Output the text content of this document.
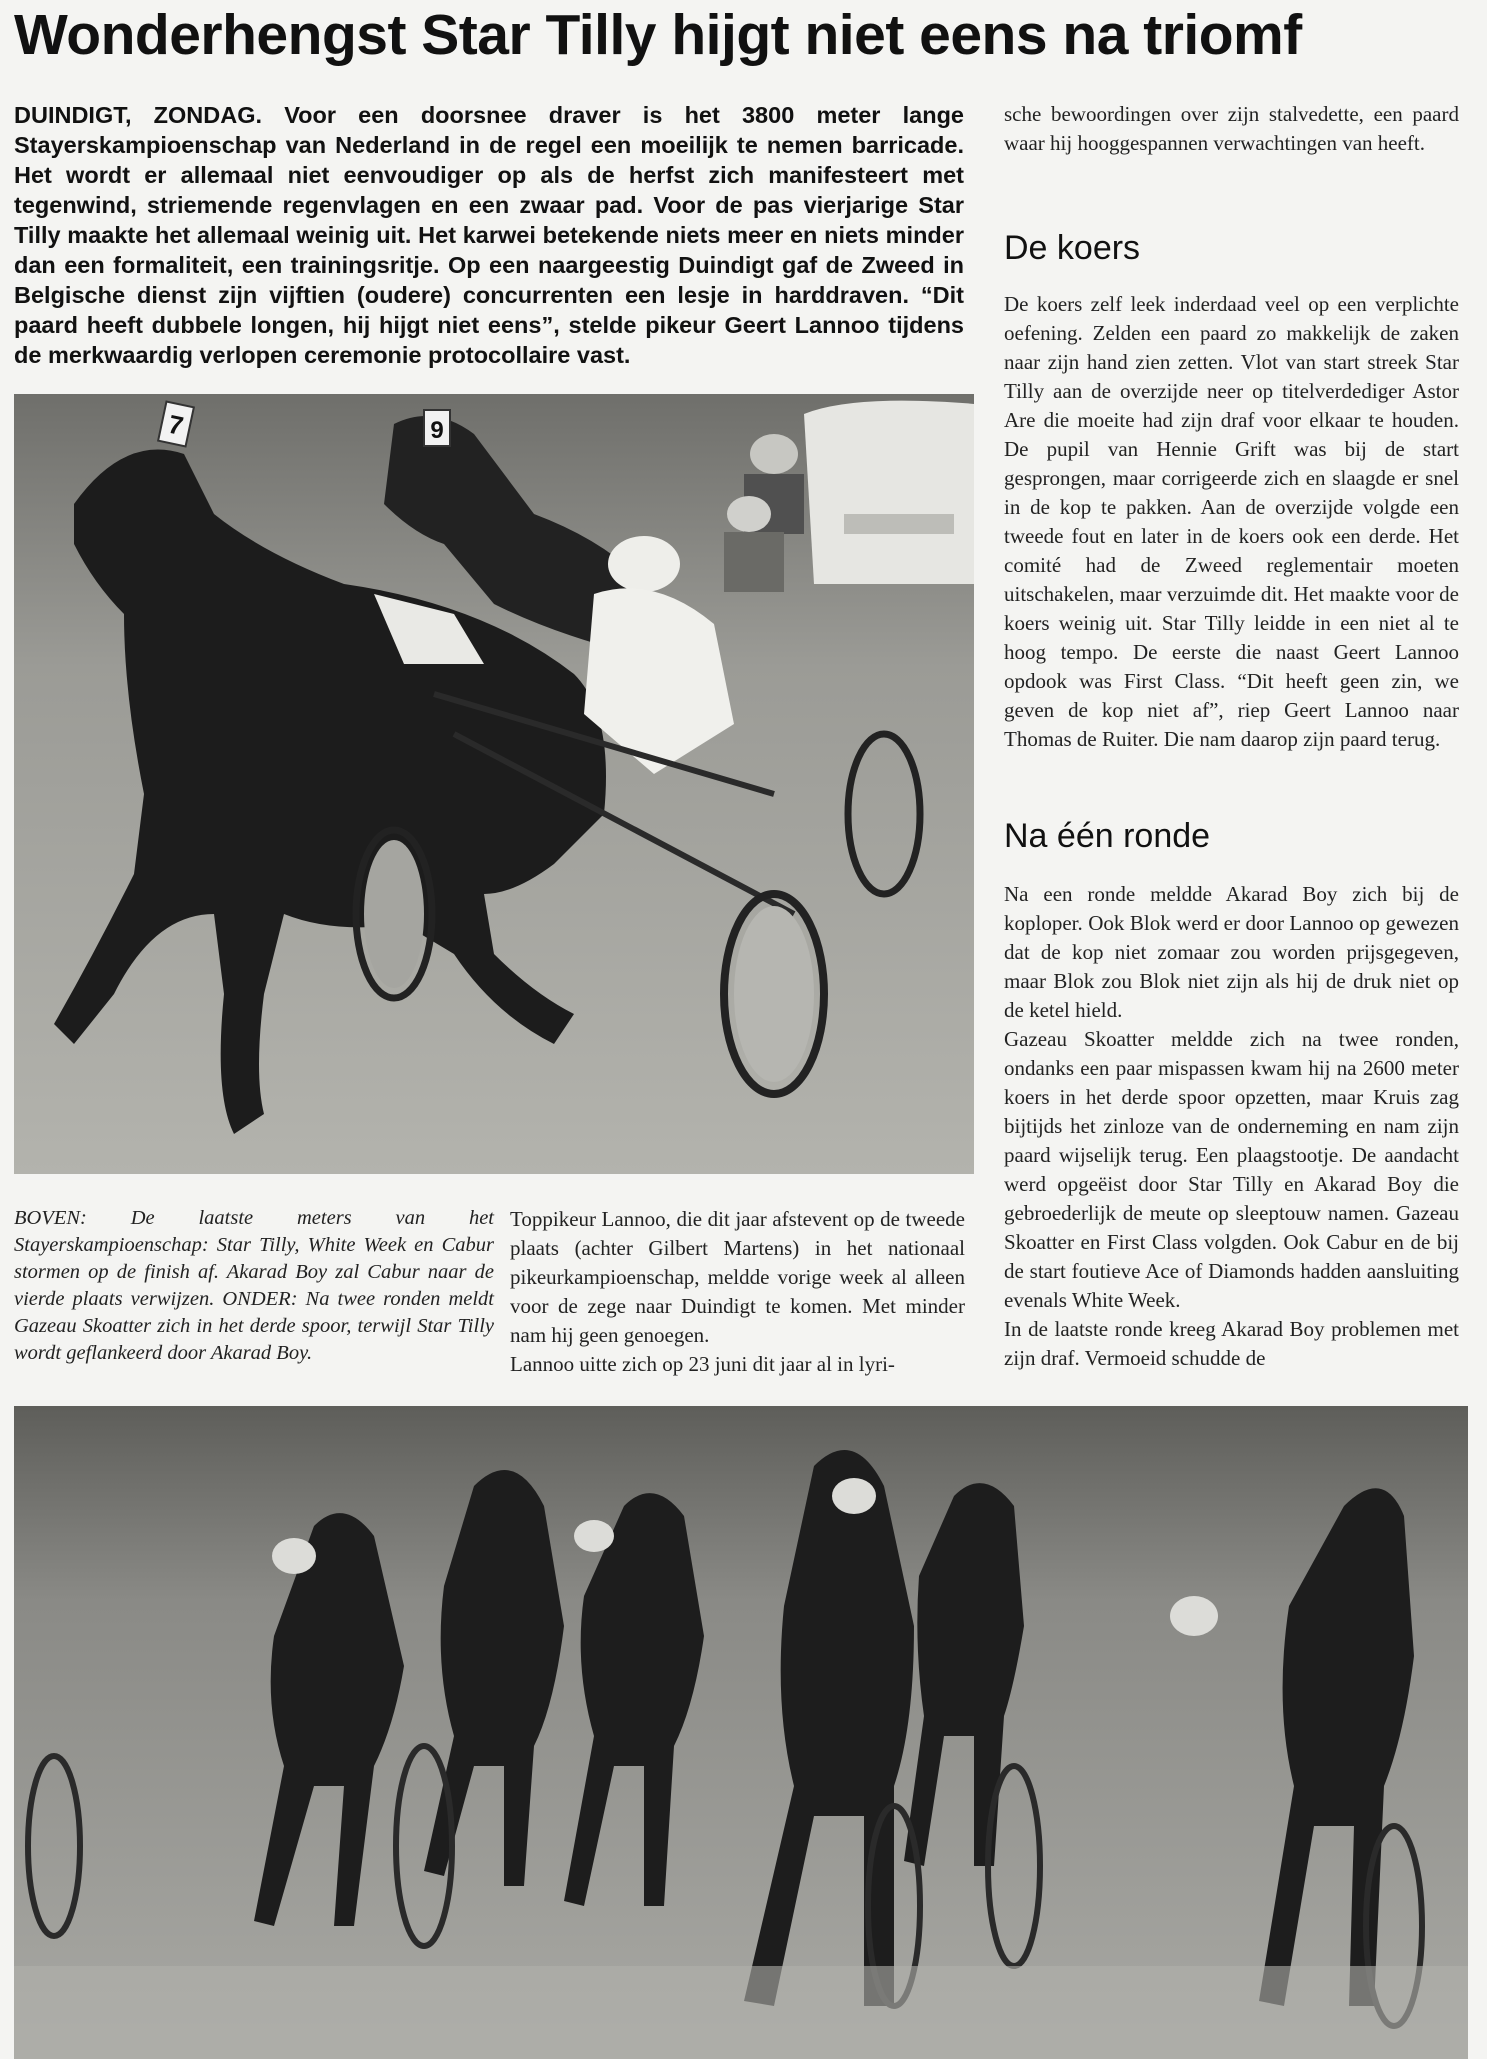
Wonderhengst Star Tilly hijgt niet eens na triomf
DUINDIGT, ZONDAG. Voor een doorsnee draver is het 3800 meter lange Stayerskampioenschap van Nederland in de regel een moeilijk te nemen barricade. Het wordt er allemaal niet eenvoudiger op als de herfst zich manifesteert met tegenwind, striemende regenvlagen en een zwaar pad. Voor de pas vierjarige Star Tilly maakte het allemaal weinig uit. Het karwei betekende niets meer en niets minder dan een formaliteit, een trainingsritje. Op een naargeestig Duindigt gaf de Zweed in Belgische dienst zijn vijftien (oudere) concurrenten een lesje in harddraven. “Dit paard heeft dubbele longen, hij hijgt niet eens”, stelde pikeur Geert Lannoo tijdens de merkwaardig verlopen ceremonie protocollaire vast.
9
7
BOVEN: De laatste meters van het Stayerskampioenschap: Star Tilly, White Week en Cabur stormen op de finish af. Akarad Boy zal Cabur naar de vierde plaats verwijzen. ONDER: Na twee ronden meldt Gazeau Skoatter zich in het derde spoor, terwijl Star Tilly wordt geflankeerd door Akarad Boy.

Toppikeur Lannoo, die dit jaar afstevent op de tweede plaats (achter Gilbert Martens) in het nationaal pikeurkampioenschap, meldde vorige week al alleen voor de zege naar Duindigt te komen. Met minder nam hij geen genoegen.

Lannoo uitte zich op 23 juni dit jaar al in lyri-

sche bewoordingen over zijn stalvedette, een paard waar hij hooggespannen verwachtingen van heeft.
De koers
De koers zelf leek inderdaad veel op een verplichte oefening. Zelden een paard zo makkelijk de zaken naar zijn hand zien zetten. Vlot van start streek Star Tilly aan de overzijde neer op titelverdediger Astor Are die moeite had zijn draf voor elkaar te houden. De pupil van Hennie Grift was bij de start gesprongen, maar corrigeerde zich en slaagde er snel in de kop te pakken. Aan de overzijde volgde een tweede fout en later in de koers ook een derde. Het comité had de Zweed reglementair moeten uitschakelen, maar verzuimde dit. Het maakte voor de koers weinig uit. Star Tilly leidde in een niet al te hoog tempo. De eerste die naast Geert Lannoo opdook was First Class. “Dit heeft geen zin, we geven de kop niet af”, riep Geert Lannoo naar Thomas de Ruiter. Die nam daarop zijn paard terug.
Na één ronde

Na een ronde meldde Akarad Boy zich bij de koploper. Ook Blok werd er door Lannoo op gewezen dat de kop niet zomaar zou worden prijsgegeven, maar Blok zou Blok niet zijn als hij de druk niet op de ketel hield.

Gazeau Skoatter meldde zich na twee ronden, ondanks een paar mispassen kwam hij na 2600 meter koers in het derde spoor opzetten, maar Kruis zag bijtijds het zinloze van de onderneming en nam zijn paard wijselijk terug. Een plaagstootje. De aandacht werd opgeëist door Star Tilly en Akarad Boy die gebroederlijk de meute op sleeptouw namen. Gazeau Skoatter en First Class volgden. Ook Cabur en de bij de start foutieve Ace of Diamonds hadden aansluiting evenals White Week.

In de laatste ronde kreeg Akarad Boy problemen met zijn draf. Vermoeid schudde de
